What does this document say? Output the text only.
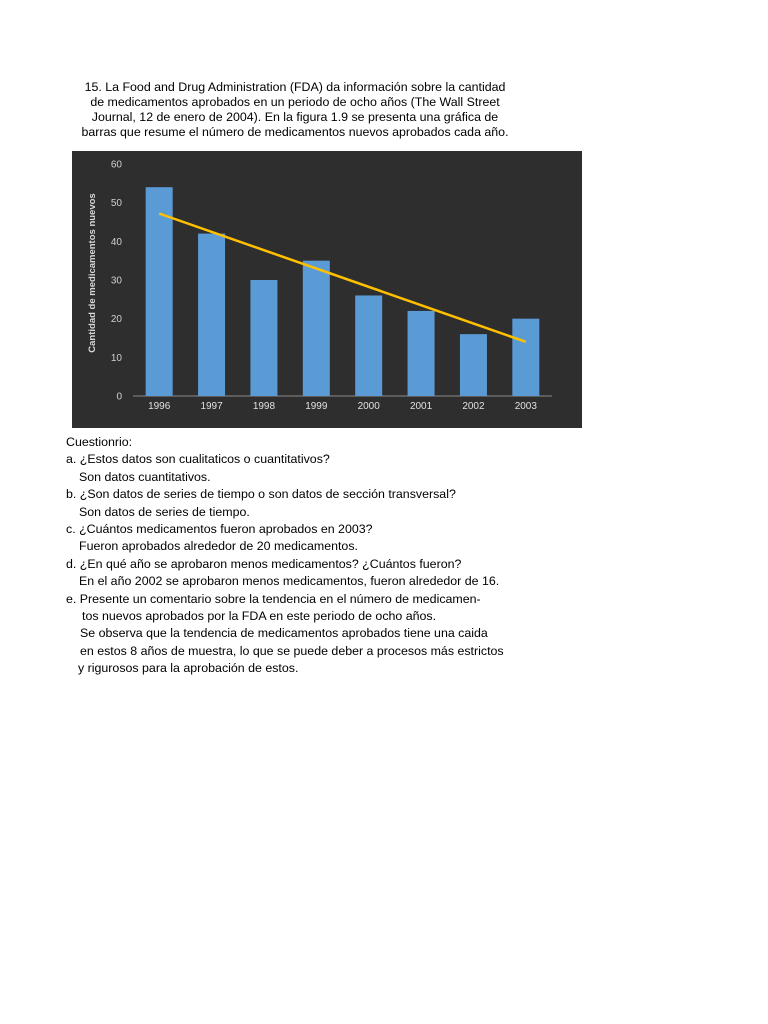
15. La Food and Drug Administration (FDA) da información sobre la cantidad
de medicamentos aprobados en un periodo de ocho años (The Wall Street
Journal, 12 de enero de 2004). En la figura 1.9 se presenta una gráfica de
barras que resume el número de medicamentos nuevos aprobados cada año.
0
10
20
30
40
50
60
Cantidad de medicamentos nuevos
1996	1997	1998	1999	2000	2001	2002	2003
Cuestionrio:
a. ¿Estos datos son cualitaticos o cuantitativos?
Son datos cuantitativos.
b. ¿Son datos de series de tiempo o son datos de sección transversal?
Son datos de series de tiempo.
c. ¿Cuántos medicamentos fueron aprobados en 2003?
Fueron aprobados alrededor de 20 medicamentos.
d. ¿En qué año se aprobaron menos medicamentos? ¿Cuántos fueron?
En el año 2002 se aprobaron menos medicamentos, fueron alrededor de 16.
e. Presente un comentario sobre la tendencia en el número de medicamen-
tos nuevos aprobados por la FDA en este periodo de ocho años.
Se observa que la tendencia de medicamentos aprobados tiene una caida
en estos 8 años de muestra, lo que se puede deber a procesos más estrictos
y rigurosos para la aprobación de estos.
